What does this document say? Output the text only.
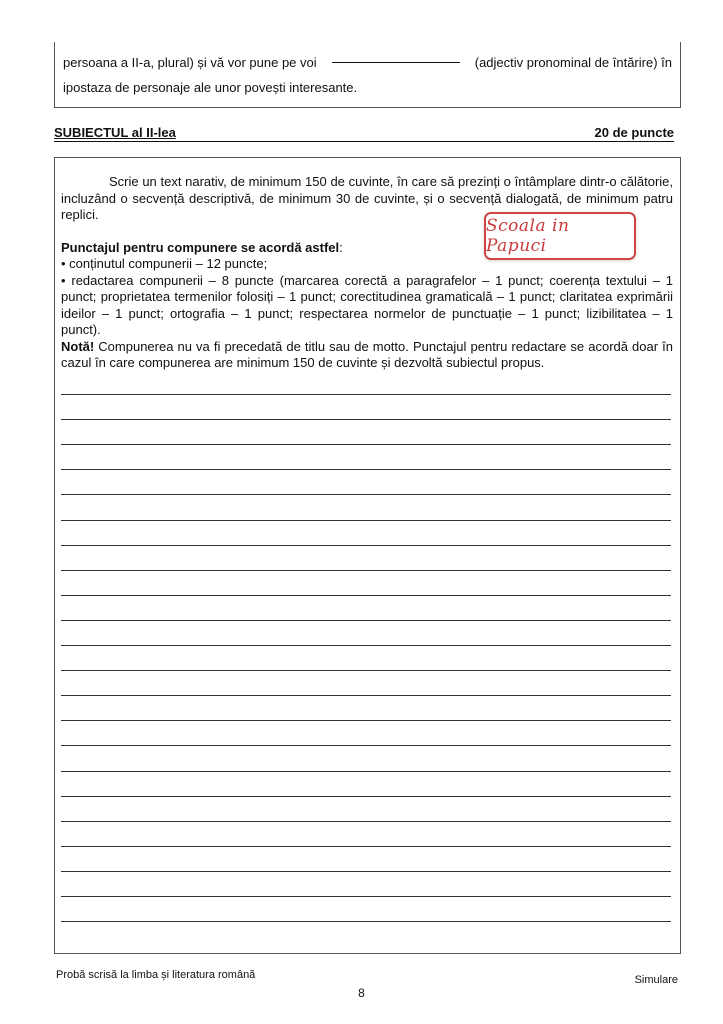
persoana a II-a, plural) și vă vor pune pe voi	(adjectiv pronominal de întărire) în
ipostaza de personaje ale unor povești interesante.
SUBIECTUL al II-lea	20 de puncte

Scrie un text narativ, de minimum 150 de cuvinte, în care să prezinți o întâmplare dintr-o călătorie, incluzând o secvență descriptivă, de minimum 30 de cuvinte, și o secvență dialogată, de minimum patru replici.

Punctajul pentru compunere se acordă astfel:

• conținutul compunerii – 12 puncte;

• redactarea compunerii – 8 puncte (marcarea corectă a paragrafelor – 1 punct; coerența textului – 1 punct; proprietatea termenilor folosiți – 1 punct; corectitudinea gramaticală – 1 punct; claritatea exprimării ideilor – 1 punct; ortografia – 1 punct; respectarea normelor de punctuație – 1 punct; lizibilitatea – 1 punct).

Notă! Compunerea nu va fi precedată de titlu sau de motto. Punctajul pentru redactare se acordă doar în cazul în care compunerea are minimum 150 de cuvinte și dezvoltă subiectul propus.

Scoala in Papuci
Probă scrisă la limba și literatura română
8
Simulare
